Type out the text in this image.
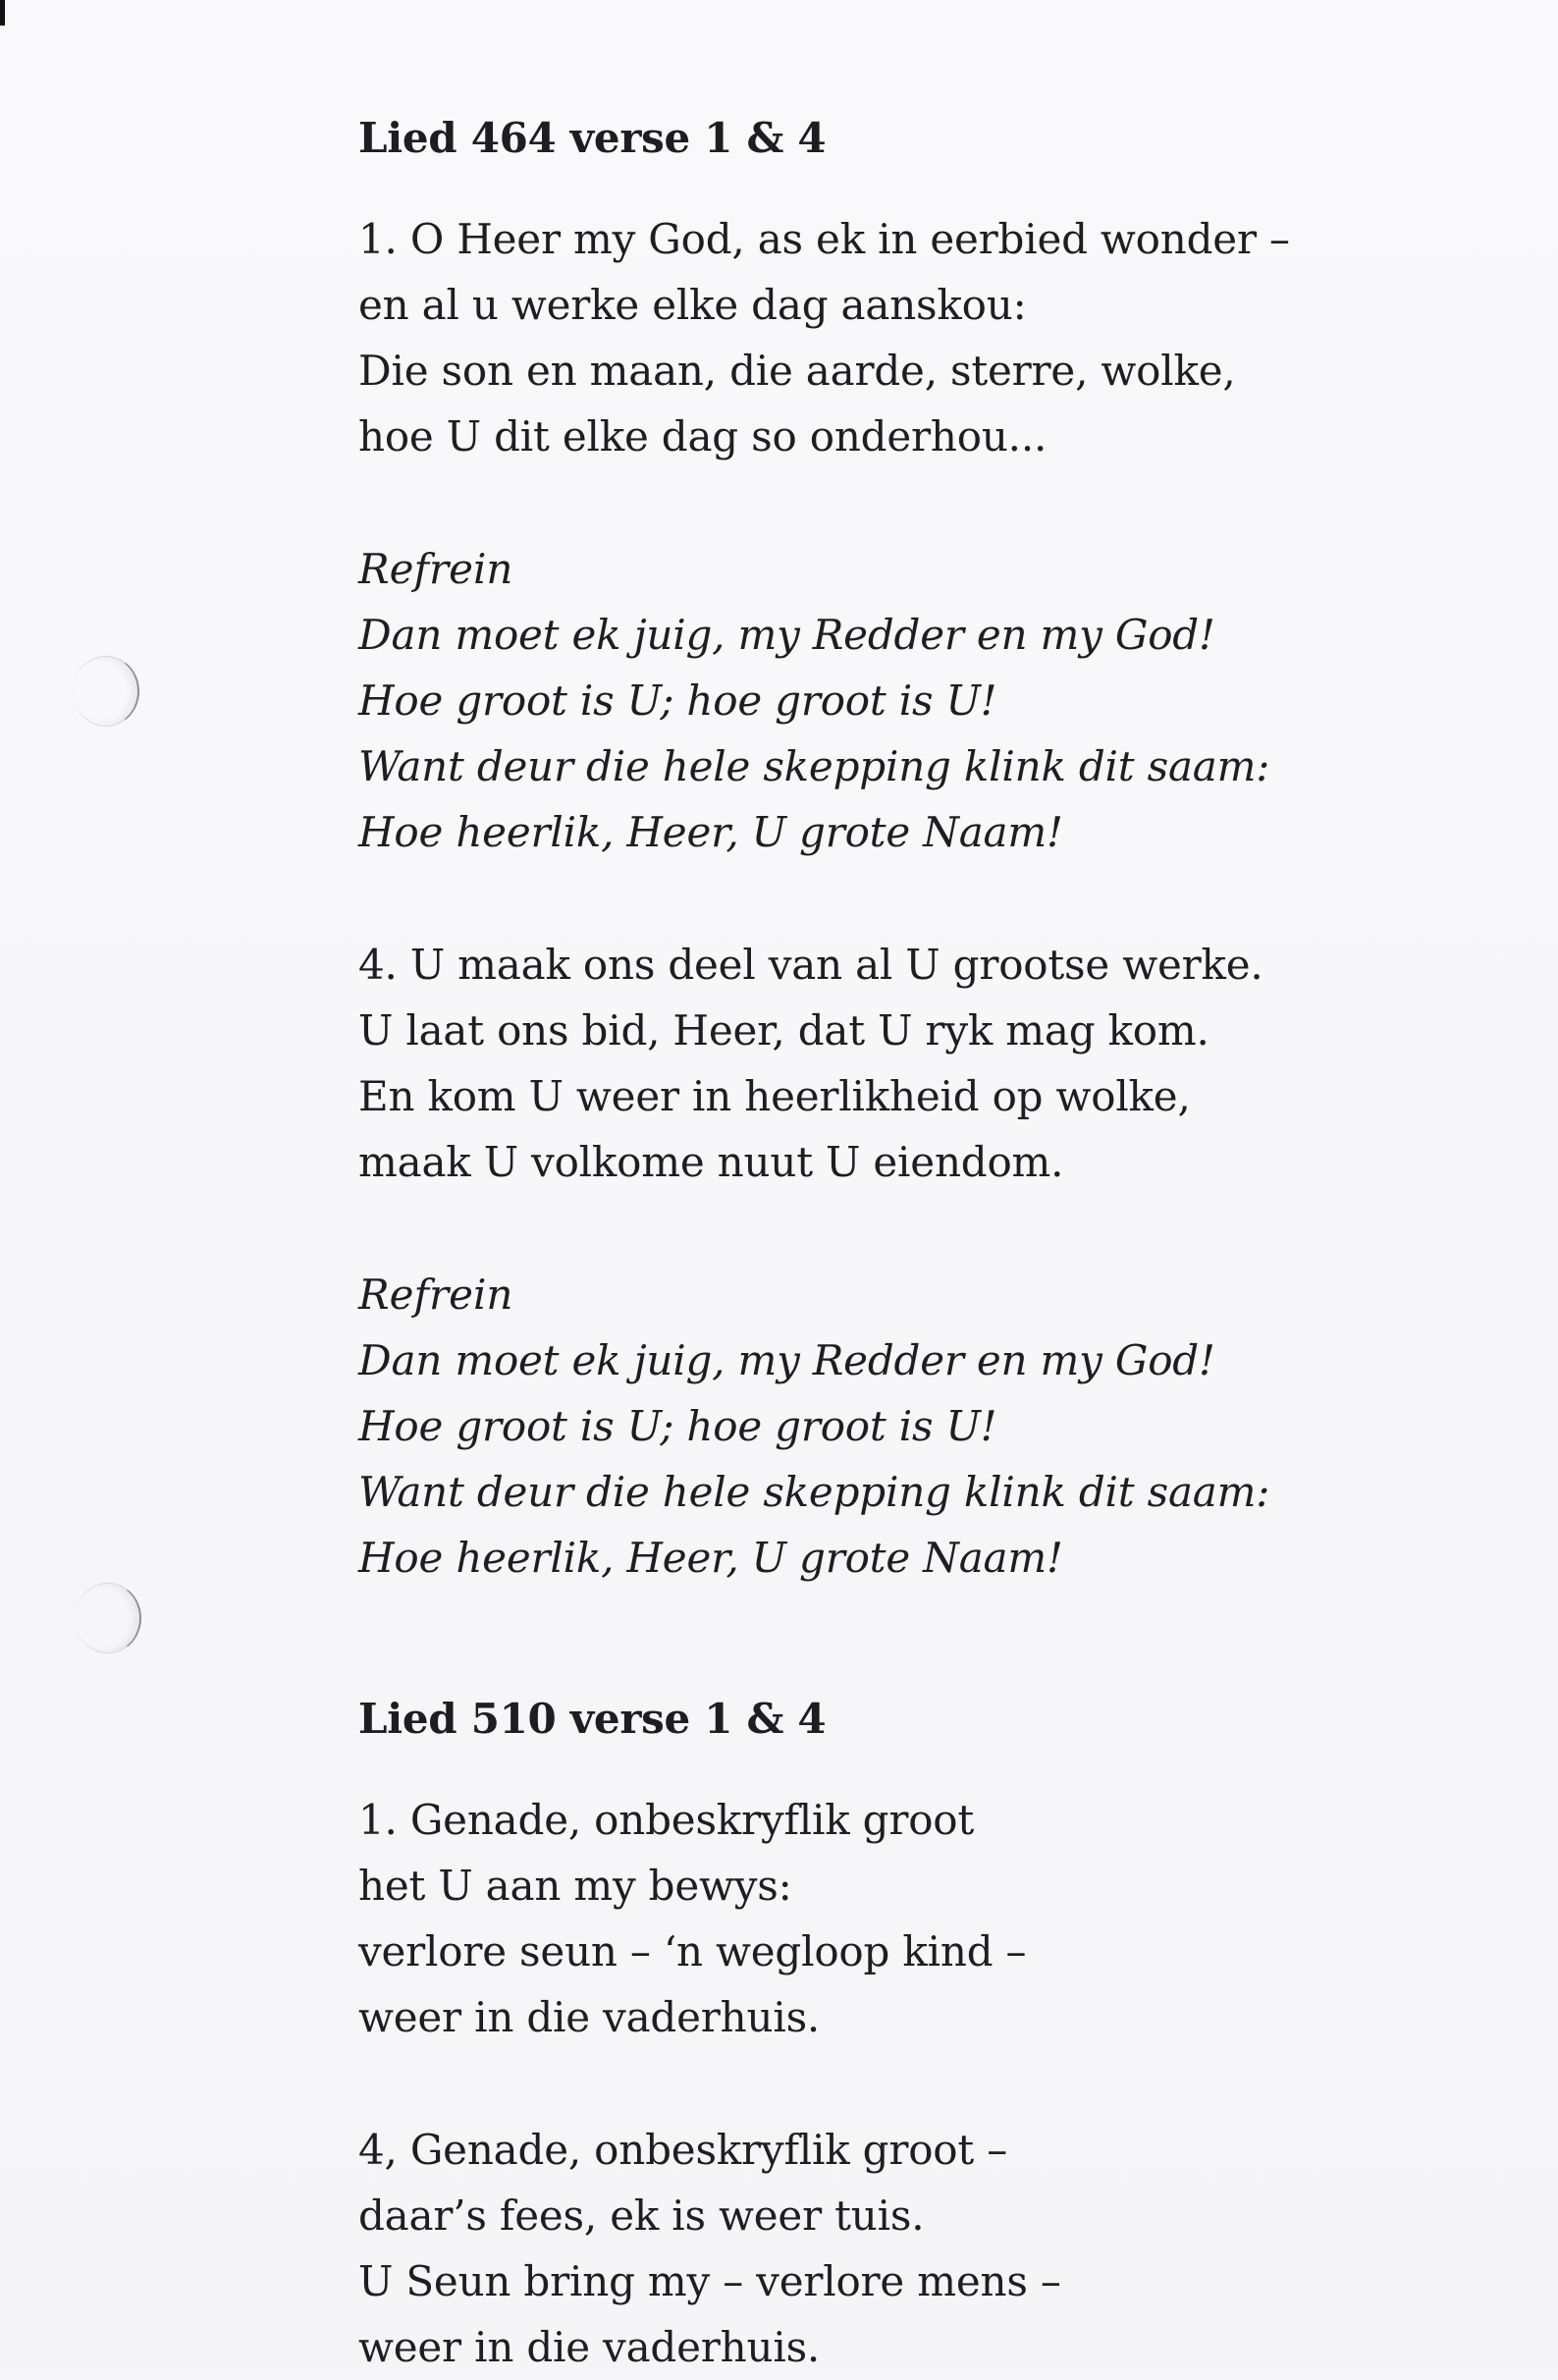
Lied 464 verse 1 & 4
1. O Heer my God, as ek in eerbied wonder –
en al u werke elke dag aanskou:
Die son en maan, die aarde, sterre, wolke,
hoe U dit elke dag so onderhou...
Refrein
Dan moet ek juig, my Redder en my God!
Hoe groot is U; hoe groot is U!
Want deur die hele skepping klink dit saam:
Hoe heerlik, Heer, U grote Naam!
4. U maak ons deel van al U grootse werke.
U laat ons bid, Heer, dat U ryk mag kom.
En kom U weer in heerlikheid op wolke,
maak U volkome nuut U eiendom.
Refrein
Dan moet ek juig, my Redder en my God!
Hoe groot is U; hoe groot is U!
Want deur die hele skepping klink dit saam:
Hoe heerlik, Heer, U grote Naam!
Lied 510 verse 1 & 4
1. Genade, onbeskryflik groot
het U aan my bewys:
verlore seun – ‘n wegloop kind –
weer in die vaderhuis.
4, Genade, onbeskryflik groot –
daar’s fees, ek is weer tuis.
U Seun bring my – verlore mens –
weer in die vaderhuis.
